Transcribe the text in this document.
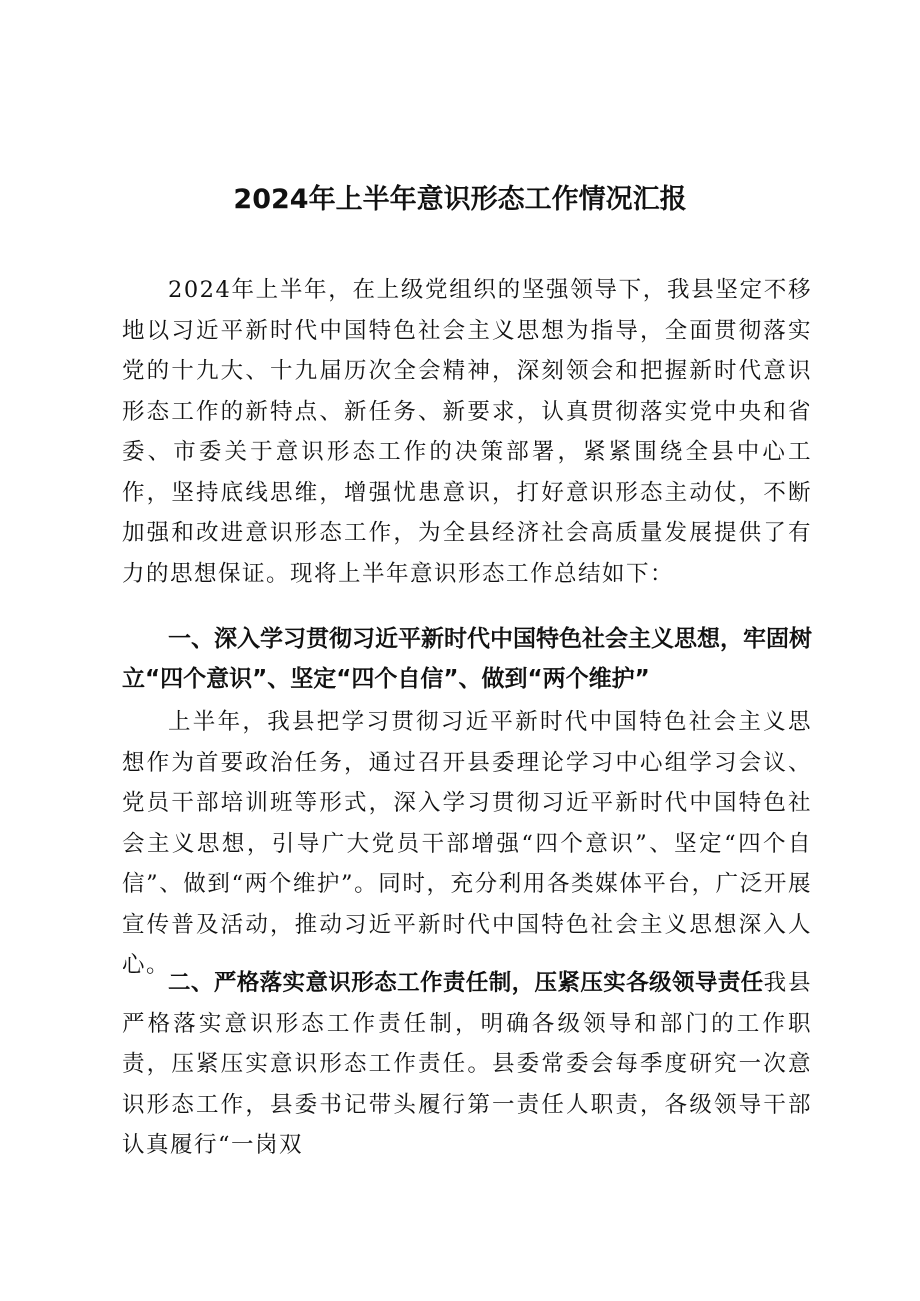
2024年上半年意识形态工作情况汇报

2024年上半年，在上级党组织的坚强领导下，我县坚定不移地以习近平新时代中国特色社会主义思想为指导，全面贯彻落实党的十九大、十九届历次全会精神，深刻领会和把握新时代意识形态工作的新特点、新任务、新要求，认真贯彻落实党中央和省委、市委关于意识形态工作的决策部署，紧紧围绕全县中心工作，坚持底线思维，增强忧患意识，打好意识形态主动仗，不断加强和改进意识形态工作，为全县经济社会高质量发展提供了有力的思想保证。现将上半年意识形态工作总结如下：

一、深入学习贯彻习近平新时代中国特色社会主义思想，牢固树立“四个意识”、坚定“四个自信”、做到“两个维护”

上半年，我县把学习贯彻习近平新时代中国特色社会主义思想作为首要政治任务，通过召开县委理论学习中心组学习会议、党员干部培训班等形式，深入学习贯彻习近平新时代中国特色社会主义思想，引导广大党员干部增强“四个意识”、坚定“四个自信”、做到“两个维护”。同时，充分利用各类媒体平台，广泛开展宣传普及活动，推动习近平新时代中国特色社会主义思想深入人心。

二、严格落实意识形态工作责任制，压紧压实各级领导责任我县严格落实意识形态工作责任制，明确各级领导和部门的工作职责，压紧压实意识形态工作责任。县委常委会每季度研究一次意识形态工作，县委书记带头履行第一责任人职责，各级领导干部认真履行“一岗双
